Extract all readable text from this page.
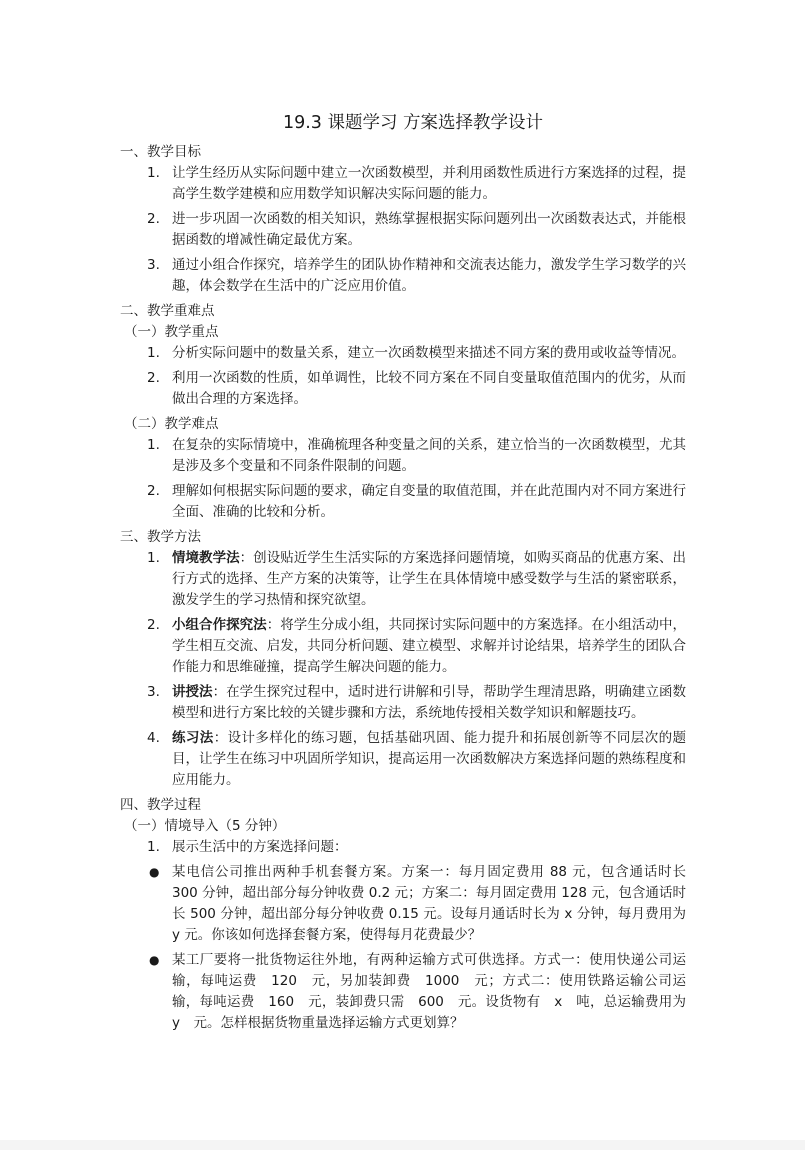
19.3 课题学习 方案选择教学设计
一、教学目标
1. 让学生经历从实际问题中建立一次函数模型，并利用函数性质进行方案选择的过程，提高学生数学建模和应用数学知识解决实际问题的能力。
2. 进一步巩固一次函数的相关知识，熟练掌握根据实际问题列出一次函数表达式，并能根据函数的增减性确定最优方案。
3. 通过小组合作探究，培养学生的团队协作精神和交流表达能力，激发学生学习数学的兴趣，体会数学在生活中的广泛应用价值。
二、教学重难点
（一）教学重点
1. 分析实际问题中的数量关系，建立一次函数模型来描述不同方案的费用或收益等情况。
2. 利用一次函数的性质，如单调性，比较不同方案在不同自变量取值范围内的优劣，从而做出合理的方案选择。
（二）教学难点
1. 在复杂的实际情境中，准确梳理各种变量之间的关系，建立恰当的一次函数模型，尤其是涉及多个变量和不同条件限制的问题。
2. 理解如何根据实际问题的要求，确定自变量的取值范围，并在此范围内对不同方案进行全面、准确的比较和分析。
三、教学方法
1. 情境教学法：创设贴近学生生活实际的方案选择问题情境，如购买商品的优惠方案、出行方式的选择、生产方案的决策等，让学生在具体情境中感受数学与生活的紧密联系，激发学生的学习热情和探究欲望。
2. 小组合作探究法：将学生分成小组，共同探讨实际问题中的方案选择。在小组活动中，学生相互交流、启发，共同分析问题、建立模型、求解并讨论结果，培养学生的团队合作能力和思维碰撞，提高学生解决问题的能力。
3. 讲授法：在学生探究过程中，适时进行讲解和引导，帮助学生理清思路，明确建立函数模型和进行方案比较的关键步骤和方法，系统地传授相关数学知识和解题技巧。
4. 练习法：设计多样化的练习题，包括基础巩固、能力提升和拓展创新等不同层次的题目，让学生在练习中巩固所学知识，提高运用一次函数解决方案选择问题的熟练程度和应用能力。
四、教学过程
（一）情境导入（5 分钟）
1. 展示生活中的方案选择问题：
● 某电信公司推出两种手机套餐方案。方案一：每月固定费用 88 元，包含通话时长 300 分钟，超出部分每分钟收费 0.2 元；方案二：每月固定费用 128 元，包含通话时长 500 分钟，超出部分每分钟收费 0.15 元。设每月通话时长为 x 分钟，每月费用为 y 元。你该如何选择套餐方案，使得每月花费最少？
● 某工厂要将一批货物运往外地，有两种运输方式可供选择。方式一：使用快递公司运输，每吨运费　120　元，另加装卸费　1000　元；方式二：使用铁路运输公司运输，每吨运费　160　元，装卸费只需　600　元。设货物有　x　吨，总运输费用为　y　元。怎样根据货物重量选择运输方式更划算？
